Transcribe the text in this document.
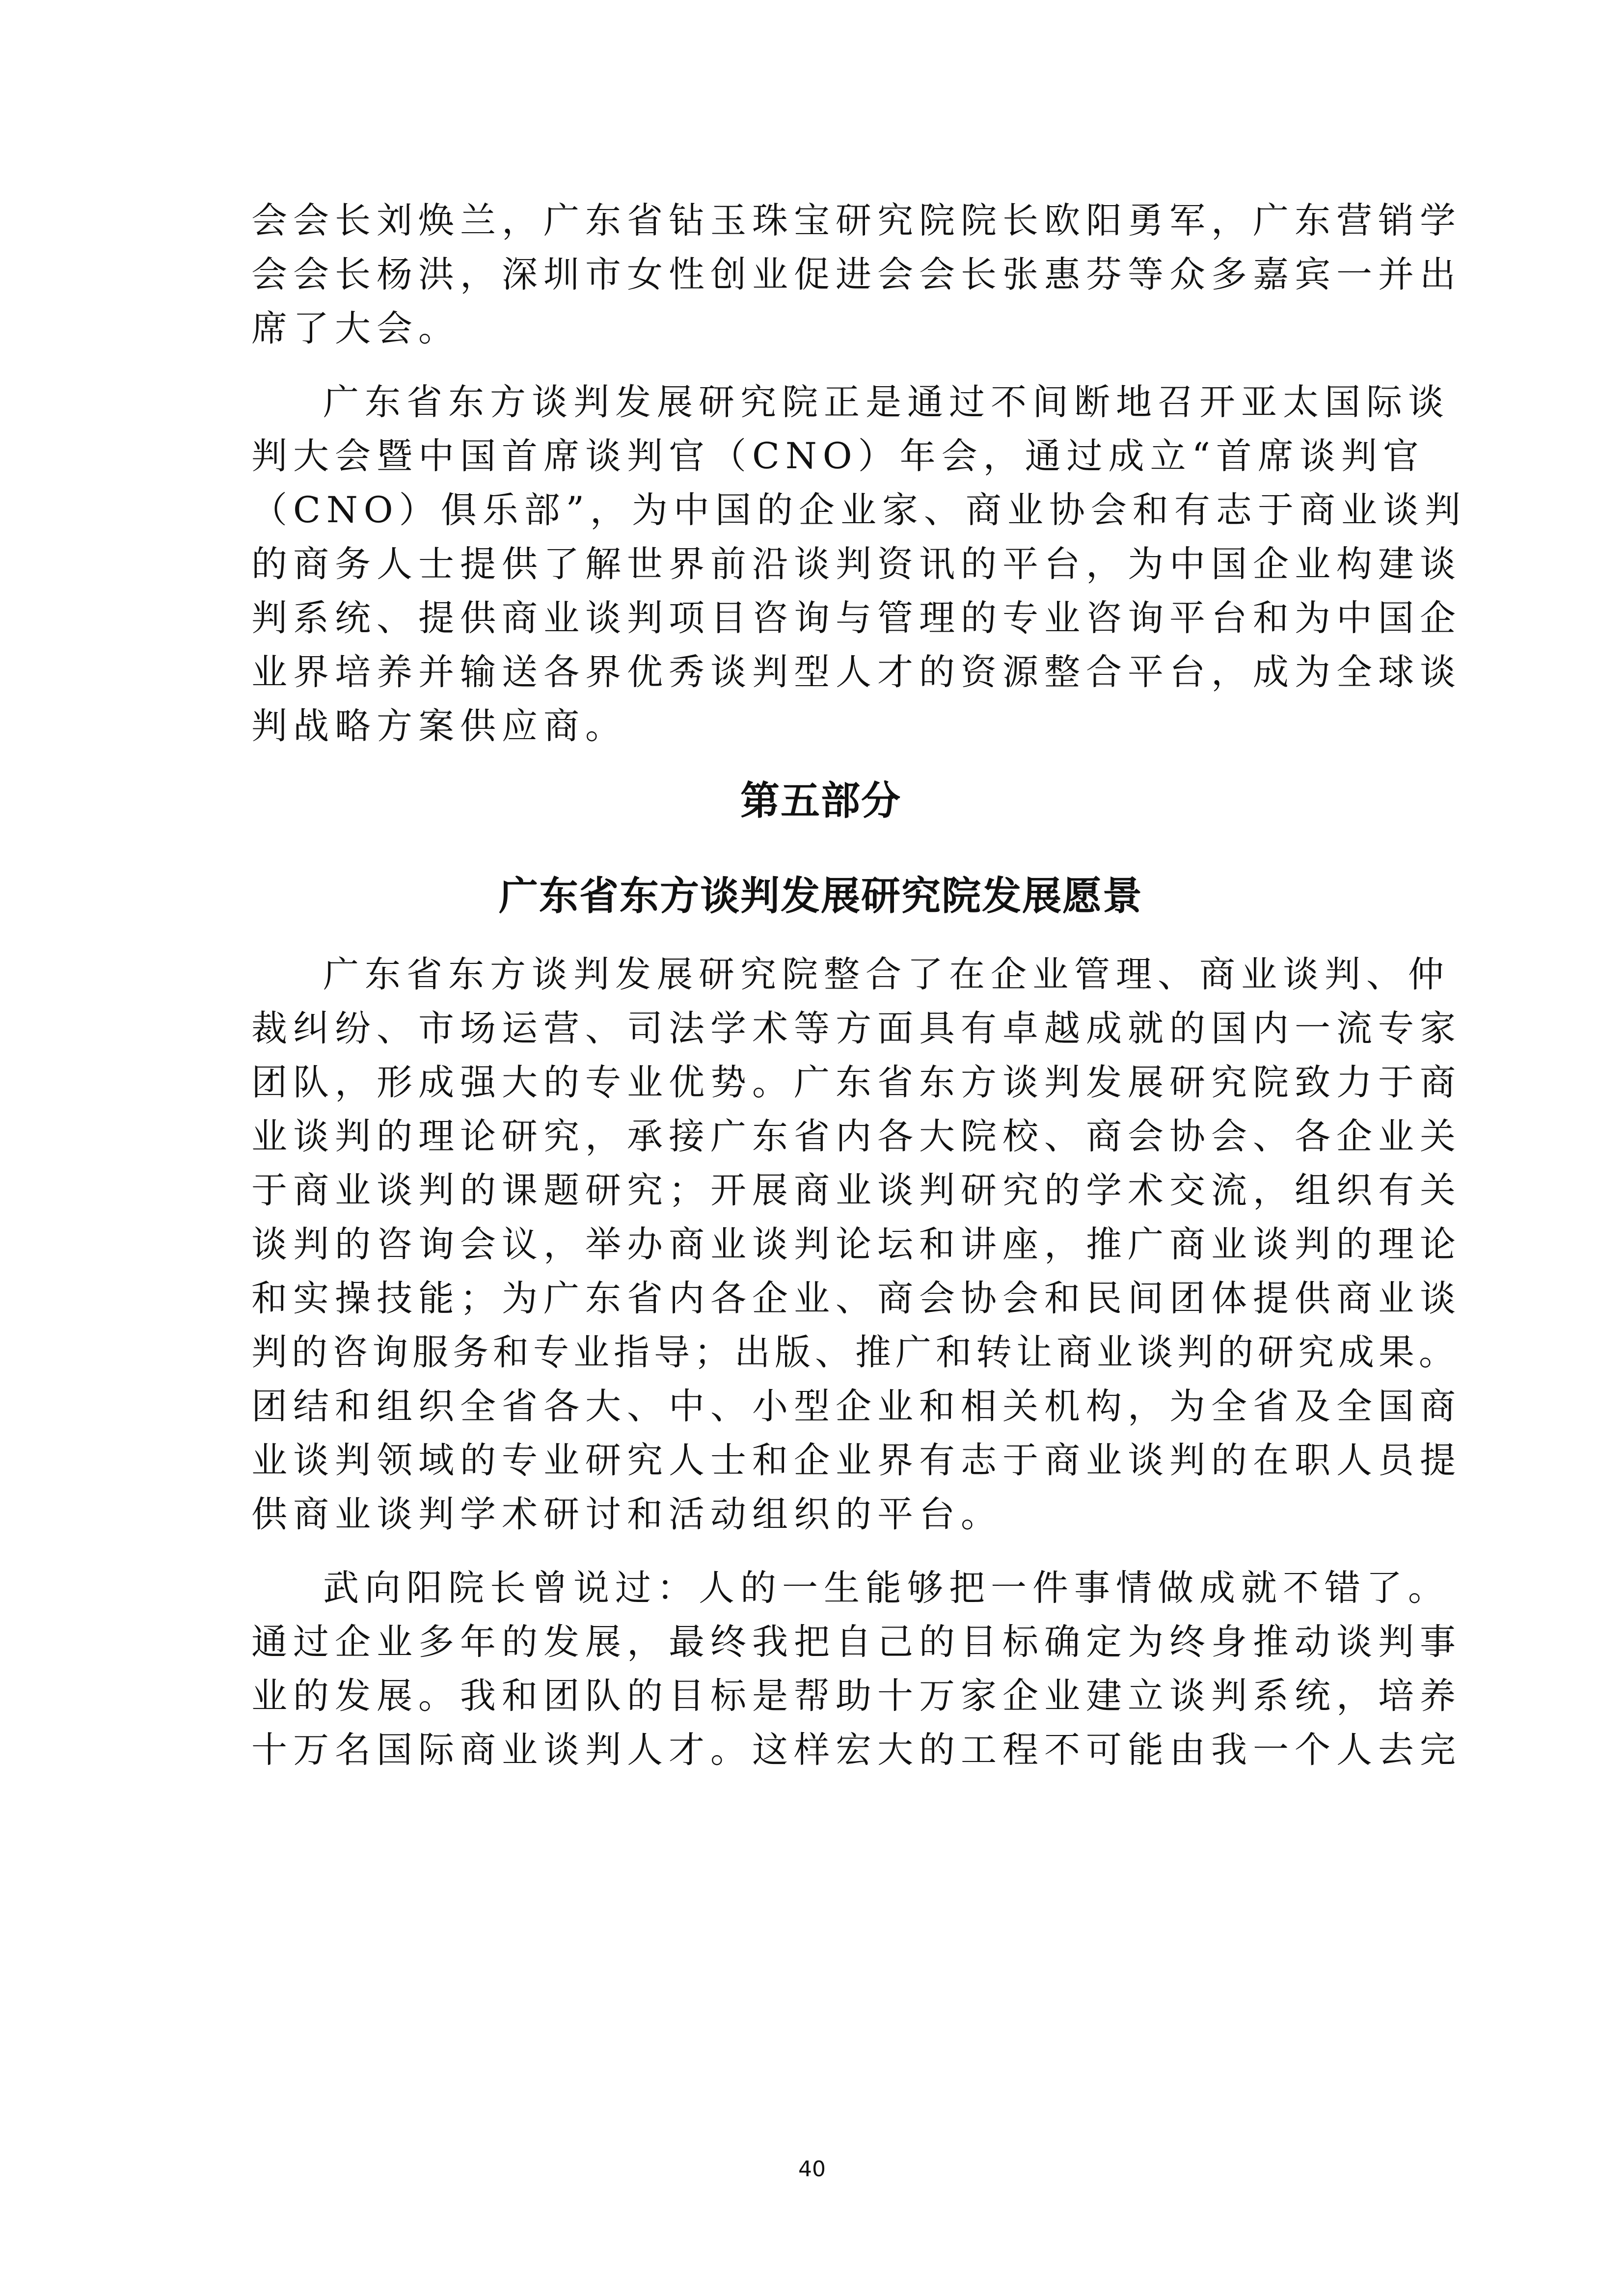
会会长刘焕兰，广东省钻玉珠宝研究院院长欧阳勇军，广东营销学
会会长杨洪，深圳市女性创业促进会会长张惠芬等众多嘉宾一并出
席了大会。
广东省东方谈判发展研究院正是通过不间断地召开亚太国际谈
判大会暨中国首席谈判官（CNO）年会，通过成立“首席谈判官
（CNO）俱乐部”，为中国的企业家、商业协会和有志于商业谈判
的商务人士提供了解世界前沿谈判资讯的平台，为中国企业构建谈
判系统、提供商业谈判项目咨询与管理的专业咨询平台和为中国企
业界培养并输送各界优秀谈判型人才的资源整合平台，成为全球谈
判战略方案供应商。
第五部分
广东省东方谈判发展研究院发展愿景
广东省东方谈判发展研究院整合了在企业管理、商业谈判、仲
裁纠纷、市场运营、司法学术等方面具有卓越成就的国内一流专家
团队，形成强大的专业优势。广东省东方谈判发展研究院致力于商
业谈判的理论研究，承接广东省内各大院校、商会协会、各企业关
于商业谈判的课题研究；开展商业谈判研究的学术交流，组织有关
谈判的咨询会议，举办商业谈判论坛和讲座，推广商业谈判的理论
和实操技能；为广东省内各企业、商会协会和民间团体提供商业谈
判的咨询服务和专业指导；出版、推广和转让商业谈判的研究成果。
团结和组织全省各大、中、小型企业和相关机构，为全省及全国商
业谈判领域的专业研究人士和企业界有志于商业谈判的在职人员提
供商业谈判学术研讨和活动组织的平台。
武向阳院长曾说过：人的一生能够把一件事情做成就不错了。
通过企业多年的发展，最终我把自己的目标确定为终身推动谈判事
业的发展。我和团队的目标是帮助十万家企业建立谈判系统，培养
十万名国际商业谈判人才。这样宏大的工程不可能由我一个人去完
40
